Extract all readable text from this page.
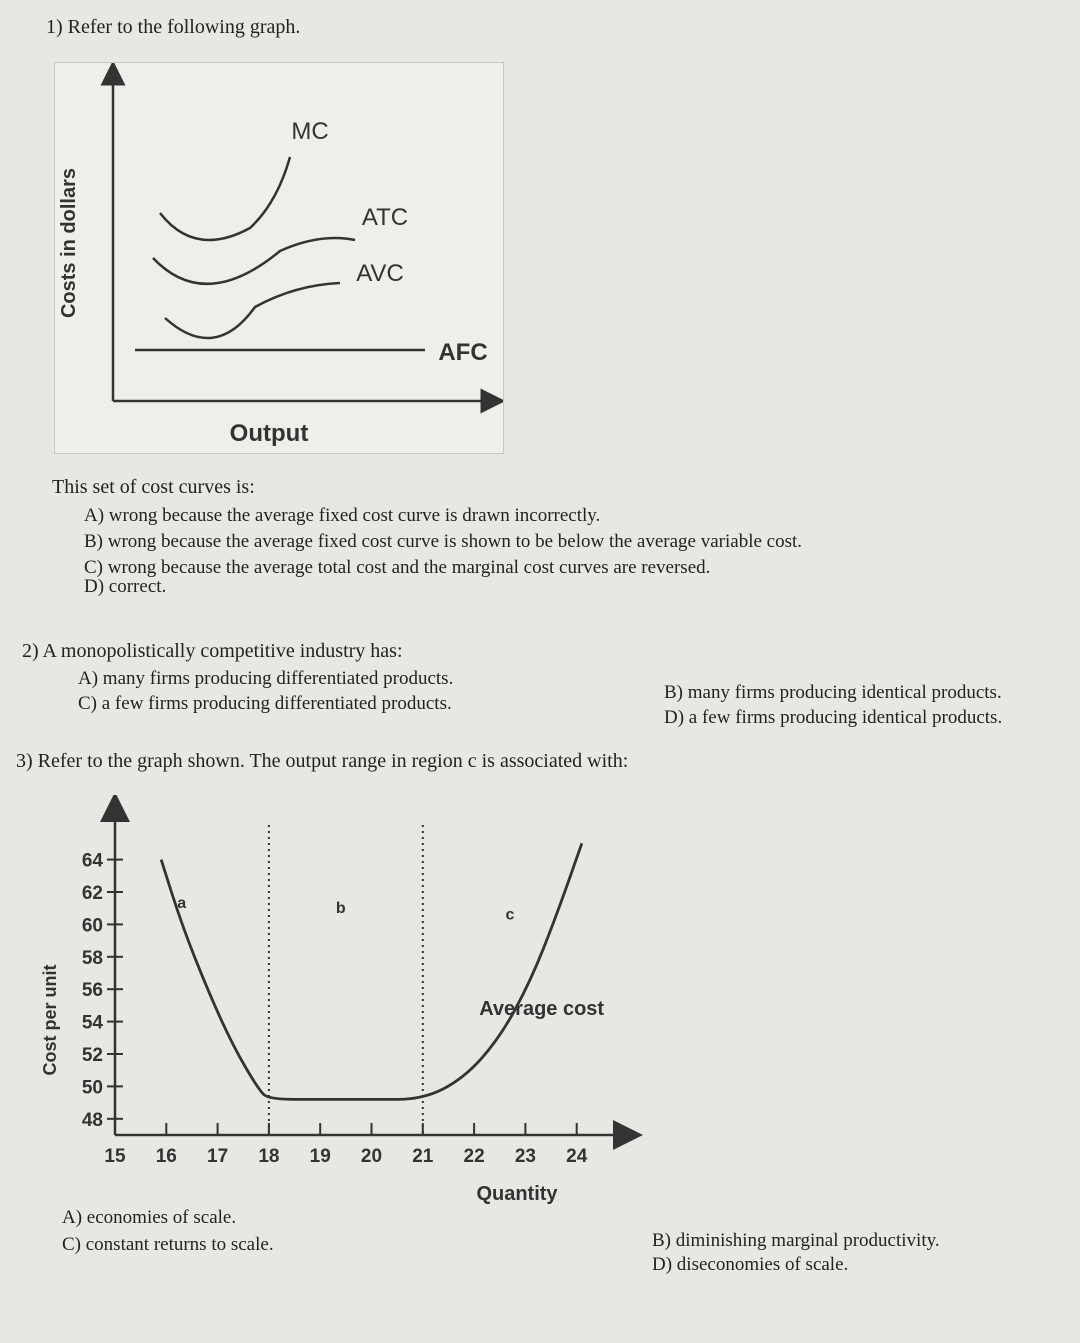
1) Refer to the following graph.
Costs in dollars
Output
MC
ATC
AVC
AFC
This set of cost curves is:
A) wrong because the average fixed cost curve is drawn incorrectly.
B) wrong because the average fixed cost curve is shown to be below the average variable cost.
C) wrong because the average total cost and the marginal cost curves are reversed.
D) correct.
2) A monopolistically competitive industry has:
A) many firms producing differentiated products.
B) many firms producing identical products.
C) a few firms producing differentiated products.
D) a few firms producing identical products.
3) Refer to the graph shown. The output range in region c is associated with:
48
50
52
54
56
58
60
62
64
15 16 17 18 19 20 21 22 23 24
a	b	c
Average cost
Cost per unit
Quantity
A) economies of scale.
B) diminishing marginal productivity.
C) constant returns to scale.
D) diseconomies of scale.
